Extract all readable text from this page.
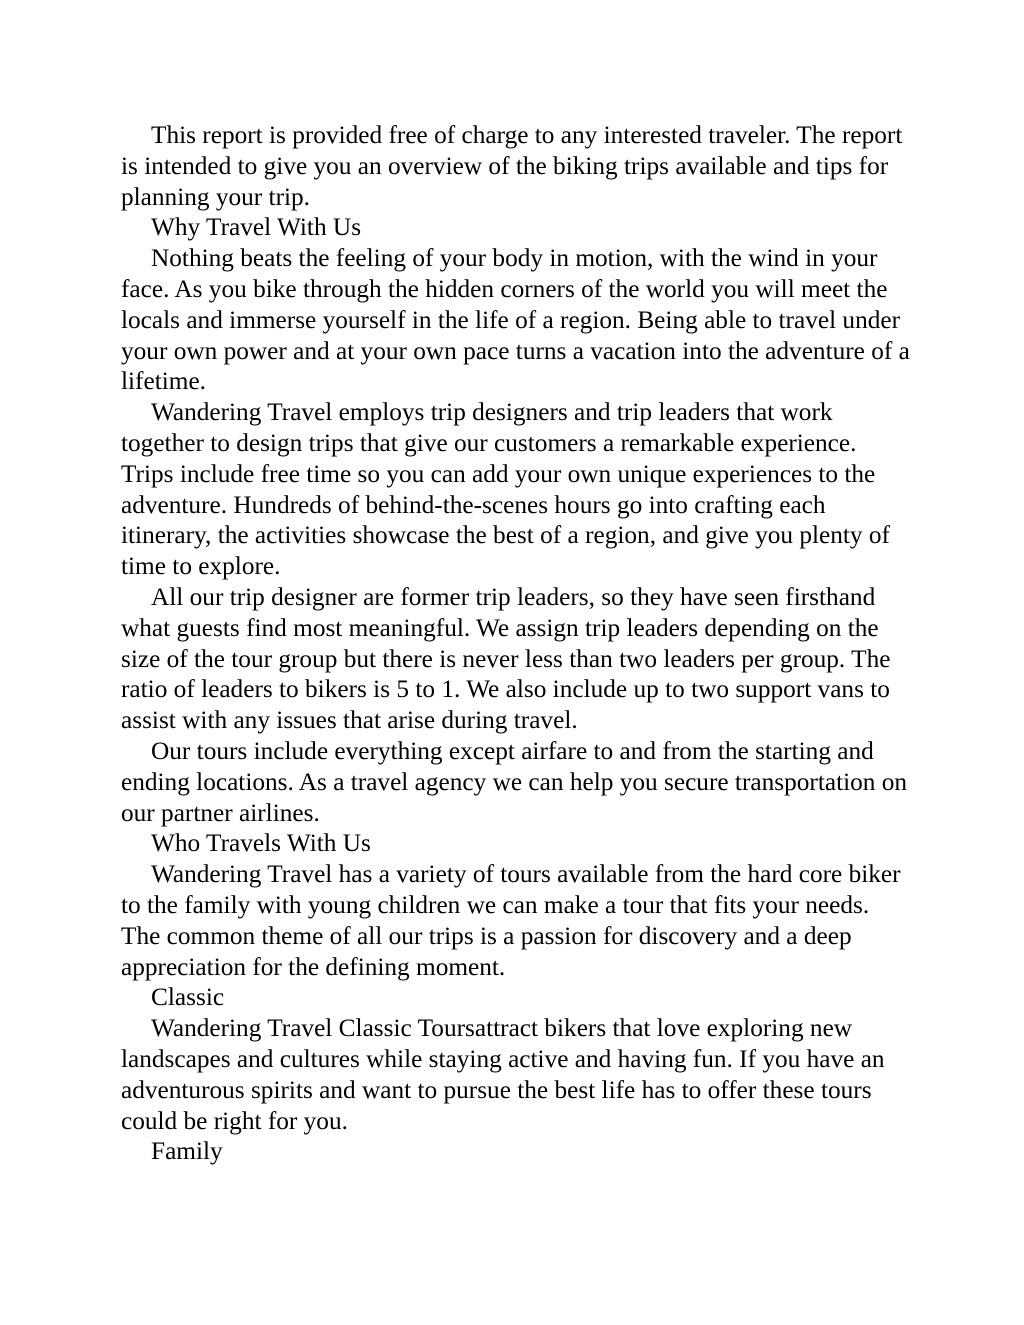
This report is provided free of charge to any interested traveler. The report is intended to give you an overview of the biking trips available and tips for planning your trip.

Why Travel With Us

Nothing beats the feeling of your body in motion, with the wind in your face. As you bike through the hidden corners of the world you will meet the locals and immerse yourself in the life of a region. Being able to travel under your own power and at your own pace turns a vacation into the adventure of a lifetime.

Wandering Travel employs trip designers and trip leaders that work together to design trips that give our customers a remarkable experience. Trips include free time so you can add your own unique experiences to the adventure. Hundreds of behind-the-scenes hours go into crafting each itinerary, the activities showcase the best of a region, and give you plenty of time to explore.

All our trip designer are former trip leaders, so they have seen firsthand what guests find most meaningful. We assign trip leaders depending on the size of the tour group but there is never less than two leaders per group. The ratio of leaders to bikers is 5 to 1. We also include up to two support vans to assist with any issues that arise during travel.

Our tours include everything except airfare to and from the starting and ending locations. As a travel agency we can help you secure transportation on our partner airlines.

Who Travels With Us

Wandering Travel has a variety of tours available from the hard core biker to the family with young children we can make a tour that fits your needs. The common theme of all our trips is a passion for discovery and a deep appreciation for the defining moment.

Classic

Wandering Travel Classic Toursattract bikers that love exploring new landscapes and cultures while staying active and having fun. If you have an adventurous spirits and want to pursue the best life has to offer these tours could be right for you.

Family
